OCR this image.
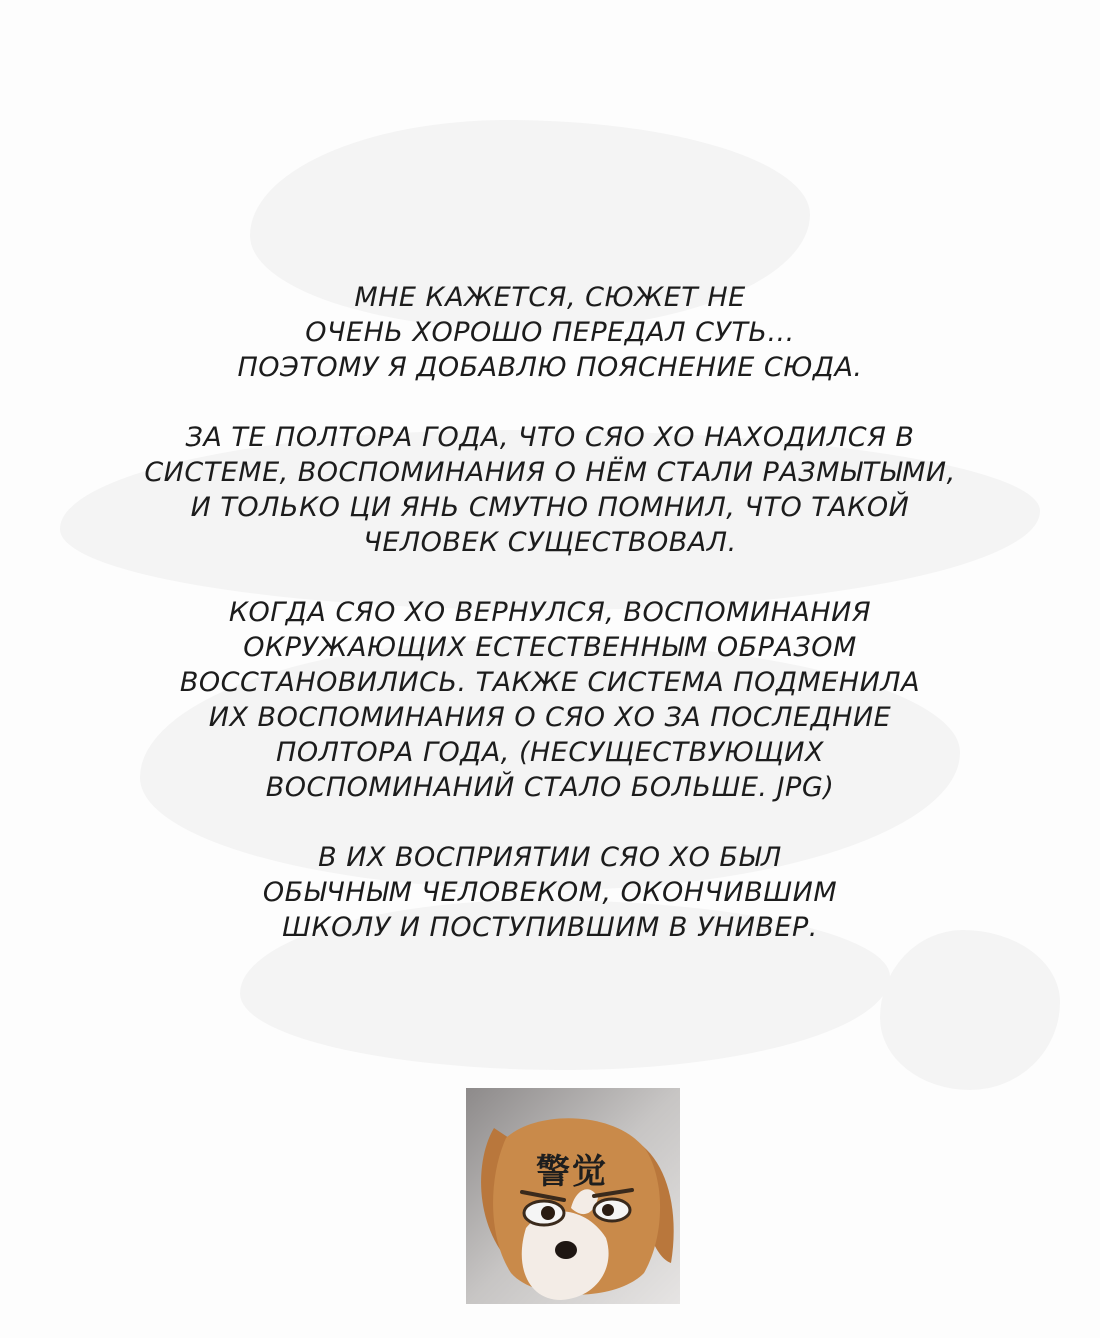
МНЕ КАЖЕТСЯ, СЮЖЕТ НЕ
ОЧЕНЬ ХОРОШО ПЕРЕДАЛ СУТЬ...
ПОЭТОМУ Я ДОБАВЛЮ ПОЯСНЕНИЕ СЮДА.
ЗА ТЕ ПОЛТОРА ГОДА, ЧТО СЯО ХО НАХОДИЛСЯ В
СИСТЕМЕ, ВОСПОМИНАНИЯ О НЁМ СТАЛИ РАЗМЫТЫМИ,
И ТОЛЬКО ЦИ ЯНЬ СМУТНО ПОМНИЛ, ЧТО ТАКОЙ
ЧЕЛОВЕК СУЩЕСТВОВАЛ.
КОГДА СЯО ХО ВЕРНУЛСЯ, ВОСПОМИНАНИЯ
ОКРУЖАЮЩИХ ЕСТЕСТВЕННЫМ ОБРАЗОМ
ВОССТАНОВИЛИСЬ. ТАКЖЕ СИСТЕМА ПОДМЕНИЛА
ИХ ВОСПОМИНАНИЯ О СЯО ХО ЗА ПОСЛЕДНИЕ
ПОЛТОРА ГОДА, (НЕСУЩЕСТВУЮЩИХ
ВОСПОМИНАНИЙ СТАЛО БОЛЬШЕ. JPG)
В ИХ ВОСПРИЯТИИ СЯО ХО БЫЛ
ОБЫЧНЫМ ЧЕЛОВЕКОМ, ОКОНЧИВШИМ
ШКОЛУ И ПОСТУПИВШИМ В УНИВЕР.
警觉
